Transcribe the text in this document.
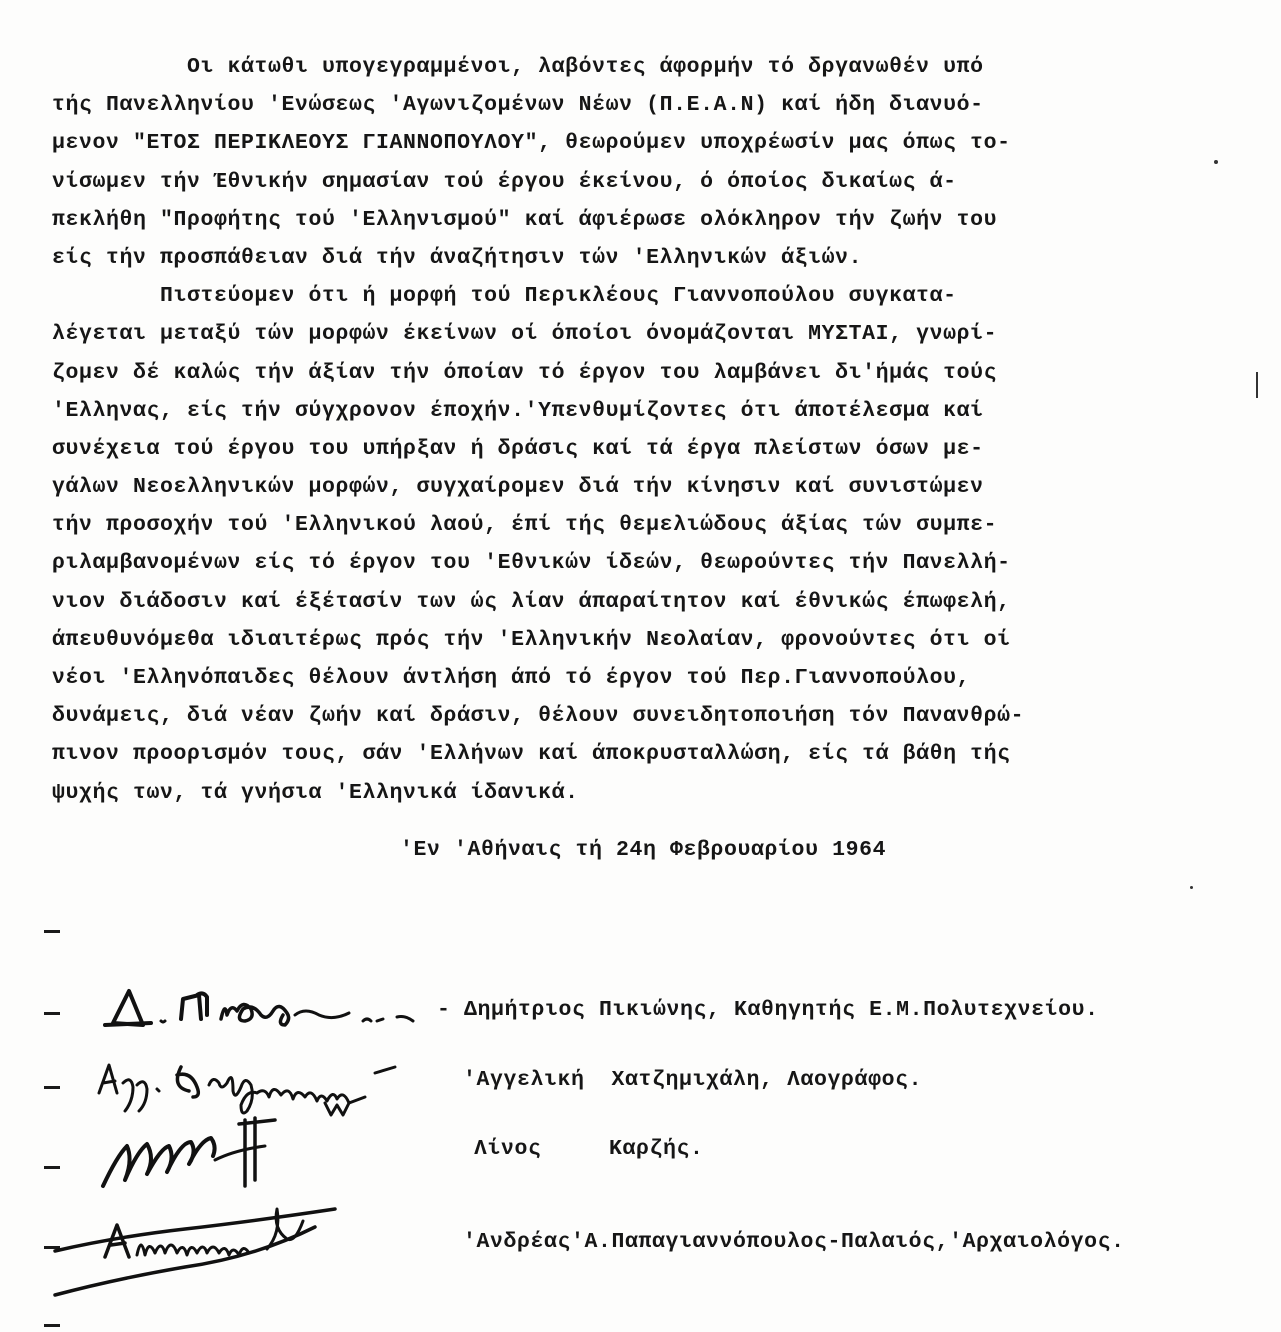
Οι κάτωθι υπογεγραμμένοι, λαβόντες άφορμήν τό δργανωθέν υπό
τής Πανελληνίου 'Ενώσεως 'Αγωνιζομένων Νέων (Π.Ε.Α.Ν) καί ήδη διανυό-
μενον "ΕΤΟΣ ΠΕΡΙΚΛΕΟΥΣ ΓΙΑΝΝΟΠΟΥΛΟΥ", θεωρούμεν υποχρέωσίν μας όπως το-
νίσωμεν τήν Έθνικήν σημασίαν τού έργου έκείνου, ό όποίος δικαίως ά-
πεκλήθη "Προφήτης τού 'Ελληνισμού" καί άφιέρωσε ολόκληρον τήν ζωήν του
είς τήν προσπάθειαν διά τήν άναζήτησιν τών 'Ελληνικών άξιών.
Πιστεύομεν ότι ή μορφή τού Περικλέους Γιαννοπούλου συγκατα-
λέγεται μεταξύ τών μορφών έκείνων οί όποίοι όνομάζονται ΜΥΣΤΑΙ, γνωρί-
ζομεν δέ καλώς τήν άξίαν τήν όποίαν τό έργον του λαμβάνει δι'ήμάς τούς
'Ελληνας, είς τήν σύγχρονον έποχήν.'Υπενθυμίζοντες ότι άποτέλεσμα καί
συνέχεια τού έργου του υπήρξαν ή δράσις καί τά έργα πλείστων όσων με-
γάλων Νεοελληνικών μορφών, συγχαίρομεν διά τήν κίνησιν καί συνιστώμεν
τήν προσοχήν τού 'Ελληνικού λαού, έπί τής θεμελιώδους άξίας τών συμπε-
ριλαμβανομένων είς τό έργον του 'Εθνικών ίδεών, θεωρούντες τήν Πανελλή-
νιον διάδοσιν καί έξέτασίν των ώς λίαν άπαραίτητον καί έθνικώς έπωφελή,
άπευθυνόμεθα ιδιαιτέρως πρός τήν 'Ελληνικήν Νεολαίαν, φρονούντες ότι οί
νέοι 'Ελληνόπαιδες θέλουν άντλήση άπό τό έργον τού Περ.Γιαννοπούλου,
δυνάμεις, διά νέαν ζωήν καί δράσιν, θέλουν συνειδητοποιήση τόν Πανανθρώ-
πινον προορισμόν τους, σάν 'Ελλήνων καί άποκρυσταλλώση, είς τά βάθη τής
ψυχής των, τά γνήσια 'Ελληνικά ίδανικά.
'Εν 'Αθήναις τή 24η Φεβρουαρίου 1964
- Δημήτριος Πικιώνης, Καθηγητής Ε.Μ.Πολυτεχνείου.
'Αγγελική  Χατζημιχάλη, Λαογράφος.
Λίνος     Καρζής.
'Ανδρέας'Α.Παπαγιαννόπουλος-Παλαιός,'Αρχαιολόγος.
